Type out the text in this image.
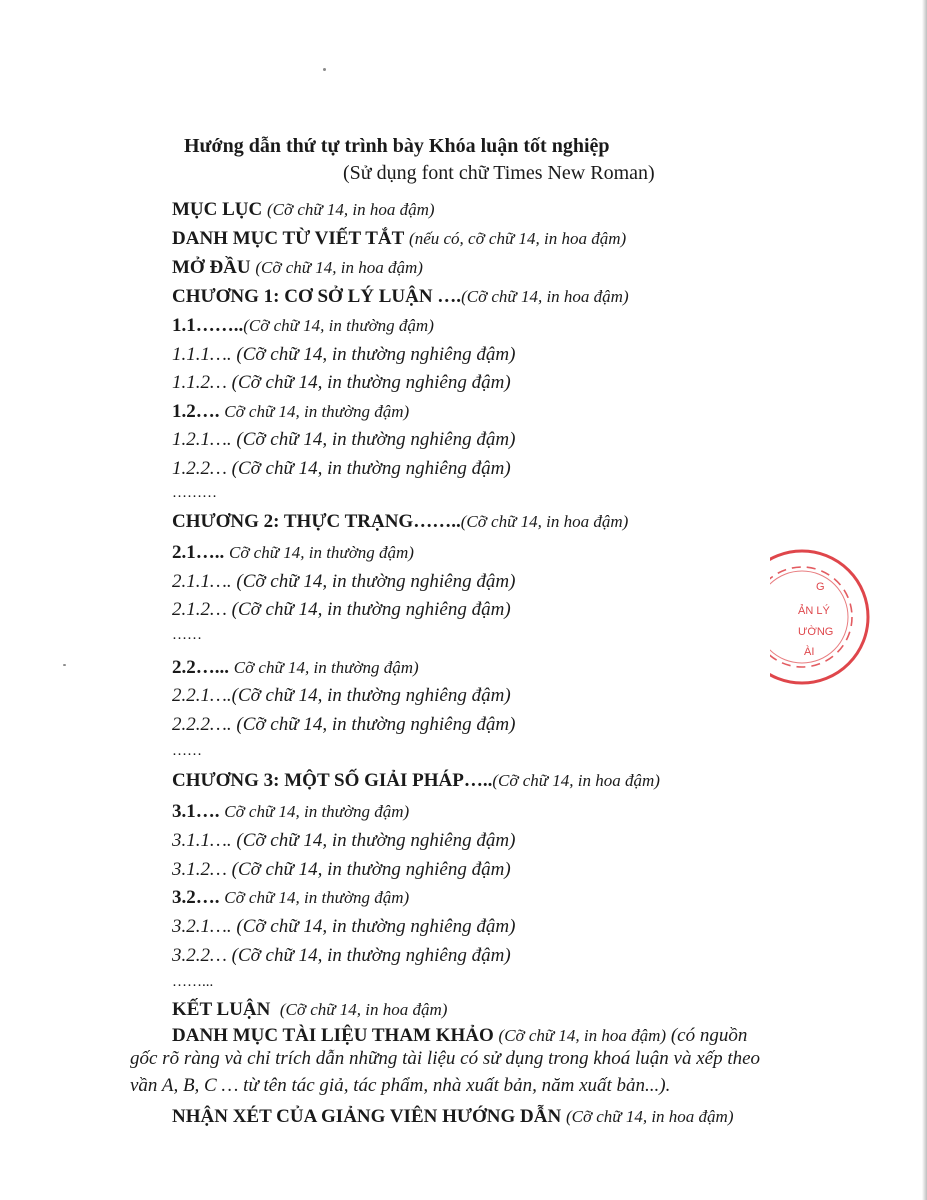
Hướng dẫn thứ tự trình bày Khóa luận tốt nghiệp
(Sử dụng font chữ Times New Roman)
MỤC LỤC (Cỡ chữ 14, in hoa đậm)
DANH MỤC TỪ VIẾT TẮT (nếu có, cỡ chữ 14, in hoa đậm)
MỞ ĐẦU (Cỡ chữ 14, in hoa đậm)
CHƯƠNG 1: CƠ SỞ LÝ LUẬN ….(Cỡ chữ 14, in hoa đậm)
1.1……..(Cỡ chữ 14, in thường đậm)
1.1.1…. (Cỡ chữ 14, in thường nghiêng đậm)
1.1.2… (Cỡ chữ 14, in thường nghiêng đậm)
1.2…. Cỡ chữ 14, in thường đậm)
1.2.1…. (Cỡ chữ 14, in thường nghiêng đậm)
1.2.2… (Cỡ chữ 14, in thường nghiêng đậm)
………
CHƯƠNG 2: THỰC TRẠNG……..(Cỡ chữ 14, in hoa đậm)
2.1….. Cỡ chữ 14, in thường đậm)
2.1.1…. (Cỡ chữ 14, in thường nghiêng đậm)
2.1.2… (Cỡ chữ 14, in thường nghiêng đậm)
……
2.2…... Cỡ chữ 14, in thường đậm)
2.2.1….(Cỡ chữ 14, in thường nghiêng đậm)
2.2.2…. (Cỡ chữ 14, in thường nghiêng đậm)
……
CHƯƠNG 3: MỘT SỐ GIẢI PHÁP…..(Cỡ chữ 14, in hoa đậm)
3.1…. Cỡ chữ 14, in thường đậm)
3.1.1…. (Cỡ chữ 14, in thường nghiêng đậm)
3.1.2… (Cỡ chữ 14, in thường nghiêng đậm)
3.2…. Cỡ chữ 14, in thường đậm)
3.2.1…. (Cỡ chữ 14, in thường nghiêng đậm)
3.2.2… (Cỡ chữ 14, in thường nghiêng đậm)
……...
KẾT LUẬN (Cỡ chữ 14, in hoa đậm)
DANH MỤC TÀI LIỆU THAM KHẢO (Cỡ chữ 14, in hoa đậm) (có nguồn
gốc rõ ràng và chỉ trích dẫn những tài liệu có sử dụng trong khoá luận và xếp theo
vần A, B, C … từ tên tác giả, tác phẩm, nhà xuất bản, năm xuất bản...).
NHẬN XÉT CỦA GIẢNG VIÊN HƯỚNG DẪN (Cỡ chữ 14, in hoa đậm)
G
ẢN LÝ
ƯỜNG
ÀI
